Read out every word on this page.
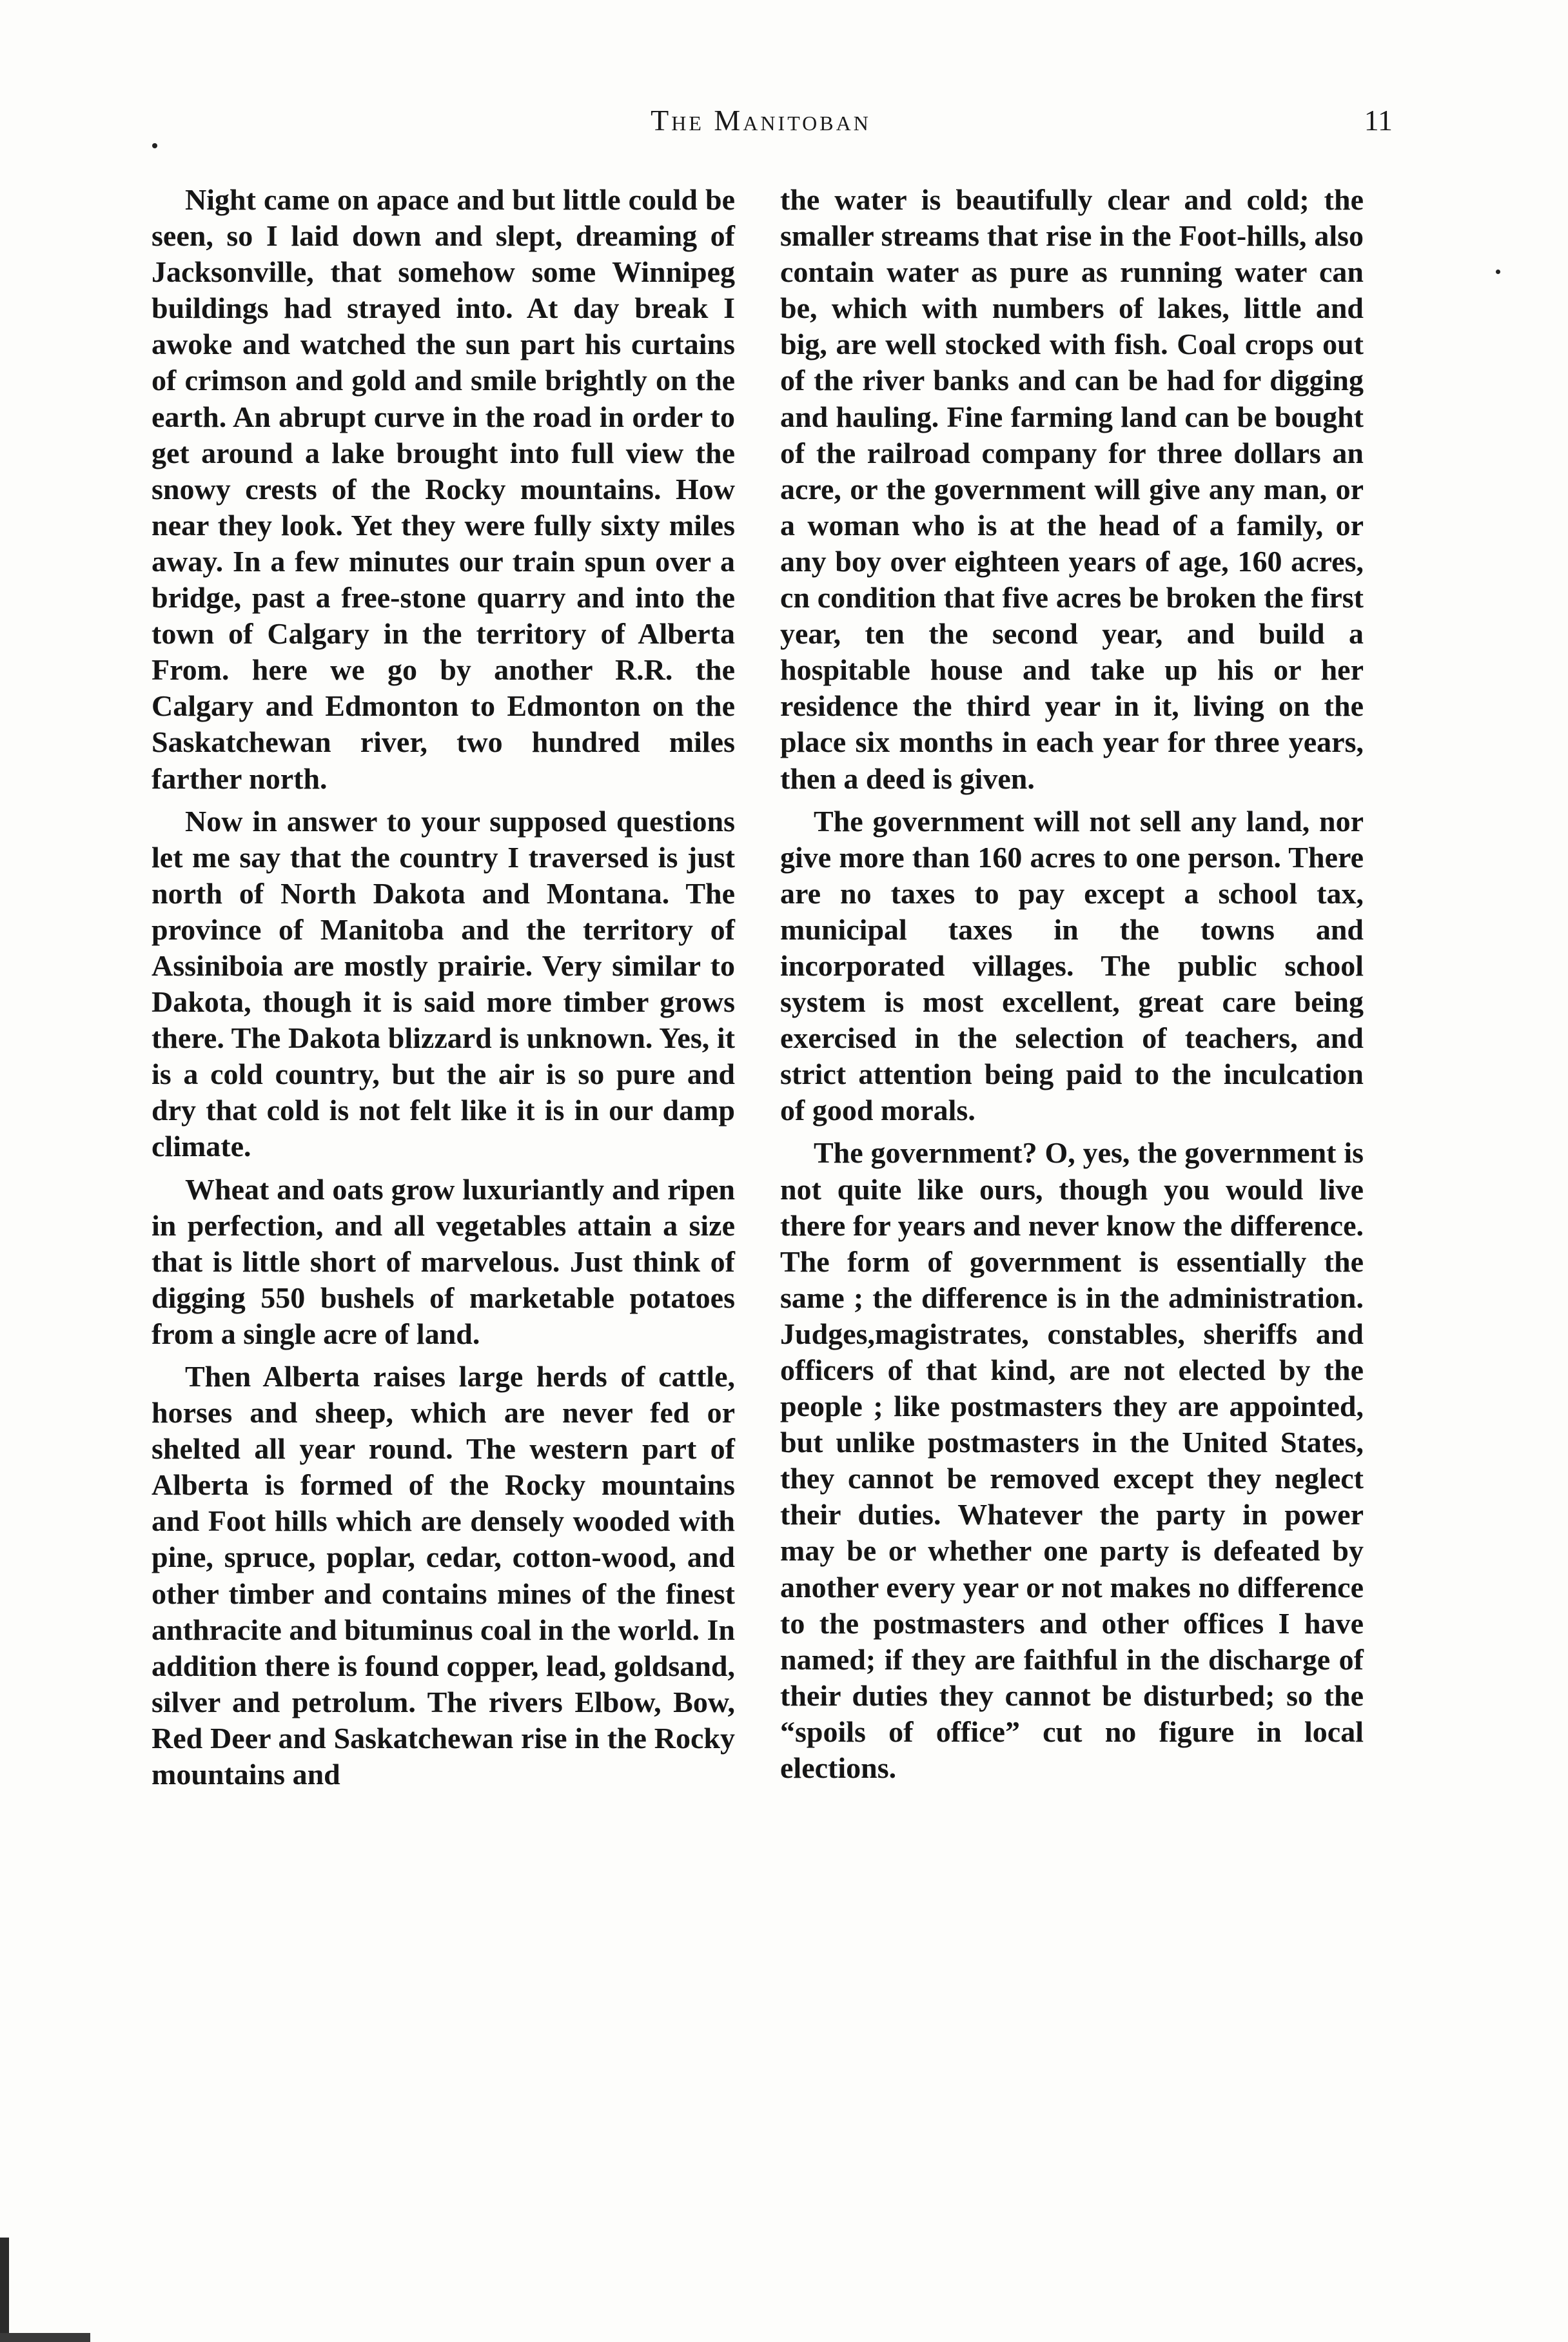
The Manitoban	11

Night came on apace and but little could be seen, so I laid down and slept, dreaming of Jacksonville, that somehow some Winnipeg buildings had strayed into. At day break I awoke and watched the sun part his curtains of crimson and gold and smile brightly on the earth. An abrupt curve in the road in order to get around a lake brought into full view the snowy crests of the Rocky mountains. How near they look. Yet they were fully sixty miles away. In a few minutes our train spun over a bridge, past a free-stone quarry and into the town of Calgary in the territory of Alberta From. here we go by another R.R. the Calgary and Edmonton to Edmonton on the Saskatchewan river, two hundred miles farther north.

Now in answer to your supposed questions let me say that the country I traversed is just north of North Dakota and Montana. The province of Manitoba and the territory of Assiniboia are mostly prairie. Very similar to Dakota, though it is said more timber grows there. The Dakota blizzard is unknown. Yes, it is a cold country, but the air is so pure and dry that cold is not felt like it is in our damp climate.

Wheat and oats grow luxuriantly and ripen in perfection, and all vegetables attain a size that is little short of marvelous. Just think of digging 550 bushels of marketable potatoes from a single acre of land.

Then Alberta raises large herds of cattle, horses and sheep, which are never fed or shelted all year round. The western part of Alberta is formed of the Rocky mountains and Foot hills which are densely wooded with pine, spruce, poplar, cedar, cotton-wood, and other timber and contains mines of the finest anthracite and bituminus coal in the world. In addition there is found copper, lead, goldsand, silver and petrolum. The rivers Elbow, Bow, Red Deer and Saskatchewan rise in the Rocky mountains and

the water is beautifully clear and cold; the smaller streams that rise in the Foot-hills, also contain water as pure as running water can be, which with numbers of lakes, little and big, are well stocked with fish. Coal crops out of the river banks and can be had for digging and hauling. Fine farming land can be bought of the railroad company for three dollars an acre, or the government will give any man, or a woman who is at the head of a family, or any boy over eighteen years of age, 160 acres, cn condition that five acres be broken the first year, ten the second year, and build a hospitable house and take up his or her residence the third year in it, living on the place six months in each year for three years, then a deed is given.

The government will not sell any land, nor give more than 160 acres to one person. There are no taxes to pay except a school tax, municipal taxes in the towns and incorporated villages. The public school system is most excellent, great care being exercised in the selection of teachers, and strict attention being paid to the inculcation of good morals.

The government? O, yes, the government is not quite like ours, though you would live there for years and never know the difference. The form of government is essentially the same ; the difference is in the administration. Judges,magistrates, constables, sheriffs and officers of that kind, are not elected by the people ; like postmasters they are appointed, but unlike postmasters in the United States, they cannot be removed except they neglect their duties. Whatever the party in power may be or whether one party is defeated by another every year or not makes no difference to the postmasters and other offices I have named; if they are faithful in the discharge of their duties they cannot be disturbed; so the “spoils of office” cut no figure in local elections.
